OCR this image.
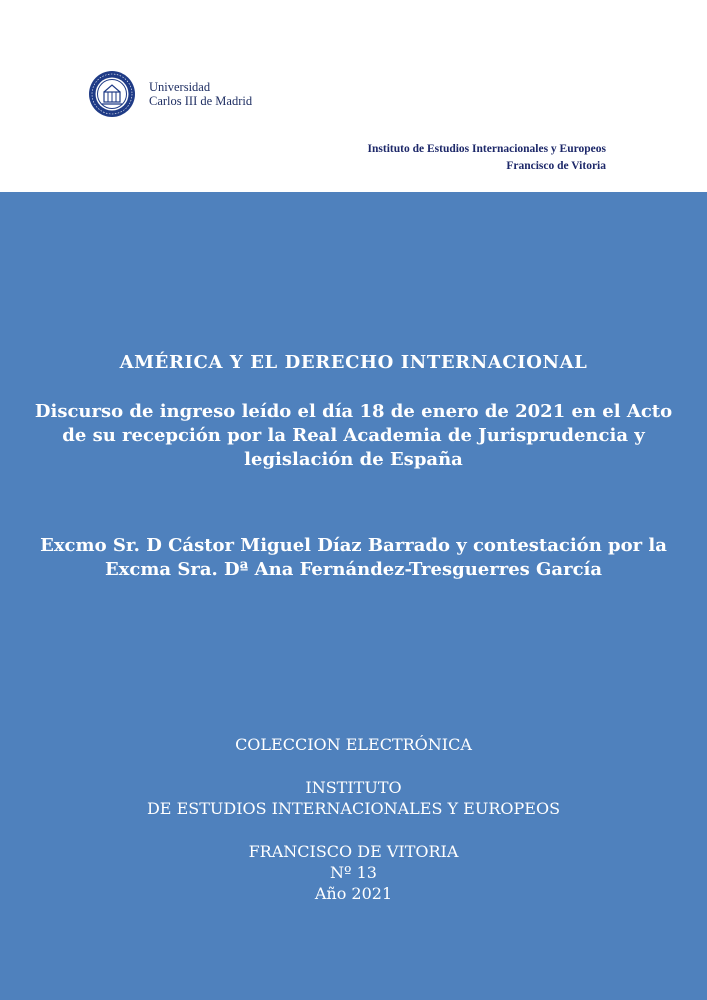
Universidad
Carlos III de Madrid
Instituto de Estudios Internacionales y Europeos
Francisco de Vitoria
AMÉRICA Y EL DERECHO INTERNACIONAL
Discurso de ingreso leído el día 18 de enero de 2021 en el Acto
de su recepción por la Real Academia de Jurisprudencia y
legislación de España
Excmo Sr. D Cástor Miguel Díaz Barrado y contestación por la
Excma Sra. Dª Ana Fernández-Tresguerres García
COLECCION ELECTRÓNICA
INSTITUTO
DE ESTUDIOS INTERNACIONALES Y EUROPEOS
FRANCISCO DE VITORIA
Nº 13
Año 2021
